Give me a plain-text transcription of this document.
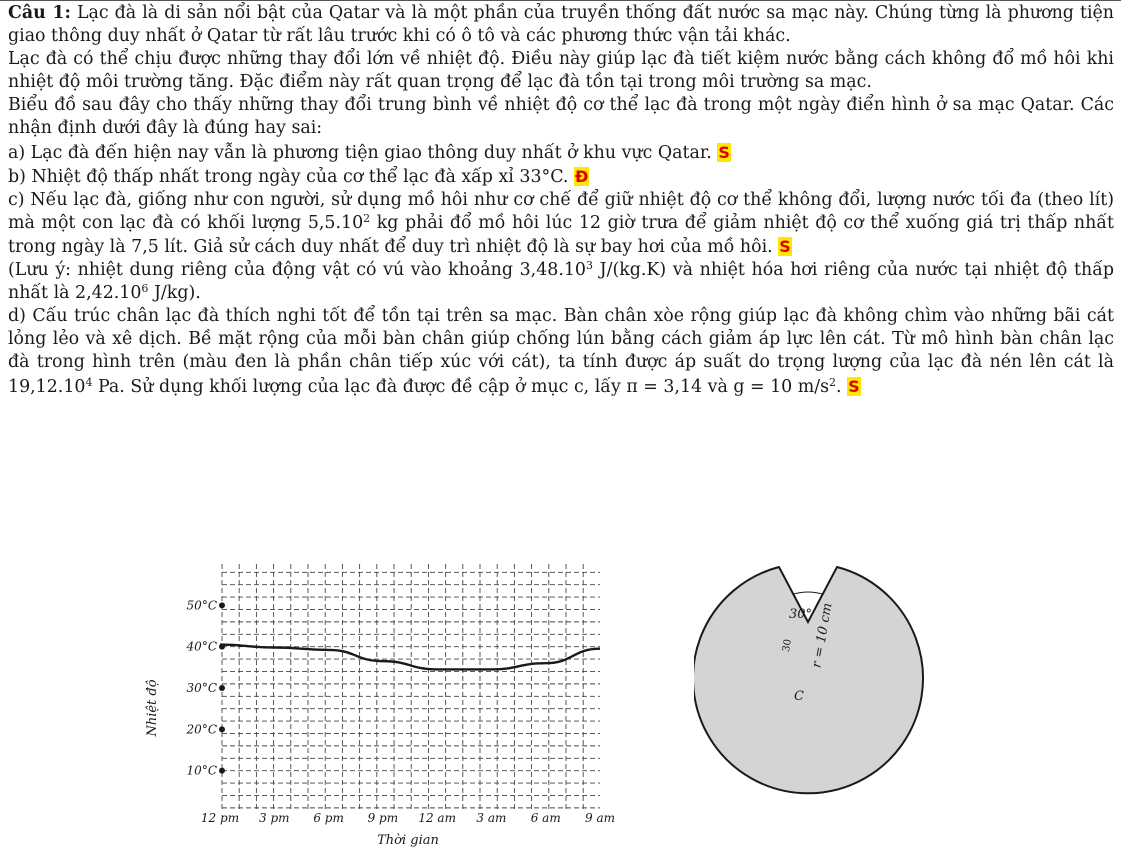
Câu 1: Lạc đà là di sản nổi bật của Qatar và là một phần của truyền thống đất nước sa mạc này. Chúng từng là phương tiện giao thông duy nhất ở Qatar từ rất lâu trước khi có ô tô và các phương thức vận tải khác.

Lạc đà có thể chịu được những thay đổi lớn về nhiệt độ. Điều này giúp lạc đà tiết kiệm nước bằng cách không đổ mồ hôi khi nhiệt độ môi trường tăng. Đặc điểm này rất quan trọng để lạc đà tồn tại trong môi trường sa mạc.

Biểu đồ sau đây cho thấy những thay đổi trung bình về nhiệt độ cơ thể lạc đà trong một ngày điển hình ở sa mạc Qatar. Các nhận định dưới đây là đúng hay sai:

a) Lạc đà đến hiện nay vẫn là phương tiện giao thông duy nhất ở khu vực Qatar. S

b) Nhiệt độ thấp nhất trong ngày của cơ thể lạc đà xấp xỉ 33°C. Đ

c) Nếu lạc đà, giống như con người, sử dụng mồ hôi như cơ chế để giữ nhiệt độ cơ thể không đổi, lượng nước tối đa (theo lít) mà một con lạc đà có khối lượng 5,5.10$^2$ kg phải đổ mồ hôi lúc 12 giờ trưa để giảm nhiệt độ cơ thể xuống giá trị thấp nhất trong ngày là 7,5 lít. Giả sử cách duy nhất để duy trì nhiệt độ là sự bay hơi của mồ hôi. S

(Lưu ý: nhiệt dung riêng của động vật có vú vào khoảng 3,48.10$^3$ J/(kg.K) và nhiệt hóa hơi riêng của nước tại nhiệt độ thấp nhất là 2,42.10$^6$ J/kg).

d) Cấu trúc chân lạc đà thích nghi tốt để tồn tại trên sa mạc. Bàn chân xòe rộng giúp lạc đà không chìm vào những bãi cát lỏng lẻo và xê dịch. Bề mặt rộng của mỗi bàn chân giúp chống lún bằng cách giảm áp lực lên cát. Từ mô hình bàn chân lạc đà trong hình trên (màu đen là phần chân tiếp xúc với cát), ta tính được áp suất do trọng lượng của lạc đà nén lên cát là 19,12.10$^4$ Pa. Sử dụng khối lượng của lạc đà được đề cập ở mục c, lấy π = 3,14 và g = 10 $m/s^2$. S

10°C
20°C
30°C
40°C
50°C
12 pm 3 pm 6 pm 9 pm 12 am 3 am 6 am 9 am
Nhiệt độ
Thời gian
30°
30 r = 10 cm
C
